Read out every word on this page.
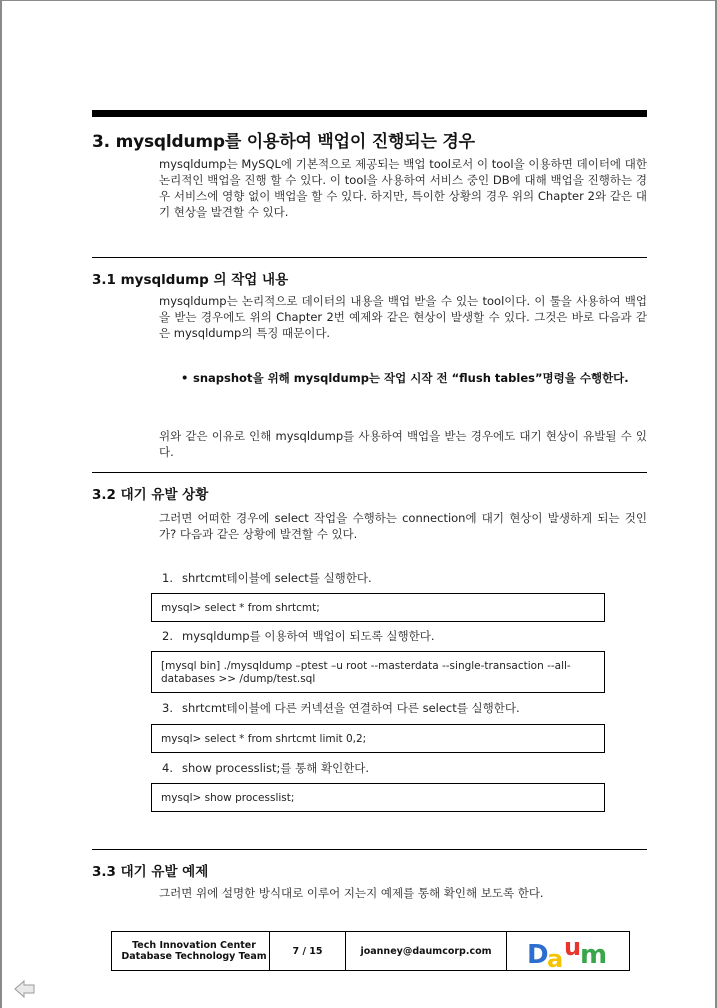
3. mysqldump를 이용하여 백업이 진행되는 경우
mysqldump는 MySQL에 기본적으로 제공되는 백업 tool로서 이 tool을 이용하면 데이터에 대한 논리적인 백업을 진행 할 수 있다. 이 tool을 사용하여 서비스 중인 DB에 대해 백업을 진행하는 경우 서비스에 영향 없이 백업을 할 수 있다. 하지만, 특이한 상황의 경우 위의 Chapter 2와 같은 대기 현상을 발견할 수 있다.
3.1 mysqldump 의 작업 내용
mysqldump는 논리적으로 데이터의 내용을 백업 받을 수 있는 tool이다. 이 툴을 사용하여 백업을 받는 경우에도 위의 Chapter 2번 예제와 같은 현상이 발생할 수 있다. 그것은 바로 다음과 같은 mysqldump의 특징 때문이다.
• snapshot을 위해 mysqldump는 작업 시작 전 “flush tables”명령을 수행한다.
위와 같은 이유로 인해 mysqldump를 사용하여 백업을 받는 경우에도 대기 현상이 유발될 수 있다.
3.2 대기 유발 상황
그러면 어떠한 경우에 select 작업을 수행하는 connection에 대기 현상이 발생하게 되는 것인가? 다음과 같은 상황에 발견할 수 있다.
1. shrtcmt테이블에 select를 실행한다.
mysql> select * from shrtcmt;
2. mysqldump를 이용하여 백업이 되도록 실행한다.
[mysql bin] ./mysqldump –ptest –u root --masterdata --single-transaction --all-databases >> /dump/test.sql
3. shrtcmt테이블에 다른 커넥션을 연결하여 다른 select를 실행한다.
mysql> select * from shrtcmt limit 0,2;
4. show processlist;를 통해 확인한다.
mysql> show processlist;
3.3 대기 유발 예제
그러면 위에 설명한 방식대로 이루어 지는지 예제를 통해 확인해 보도록 한다.
Tech Innovation Center
Database Technology Team	7 / 15	joanney@daumcorp.com	D
a u
m
